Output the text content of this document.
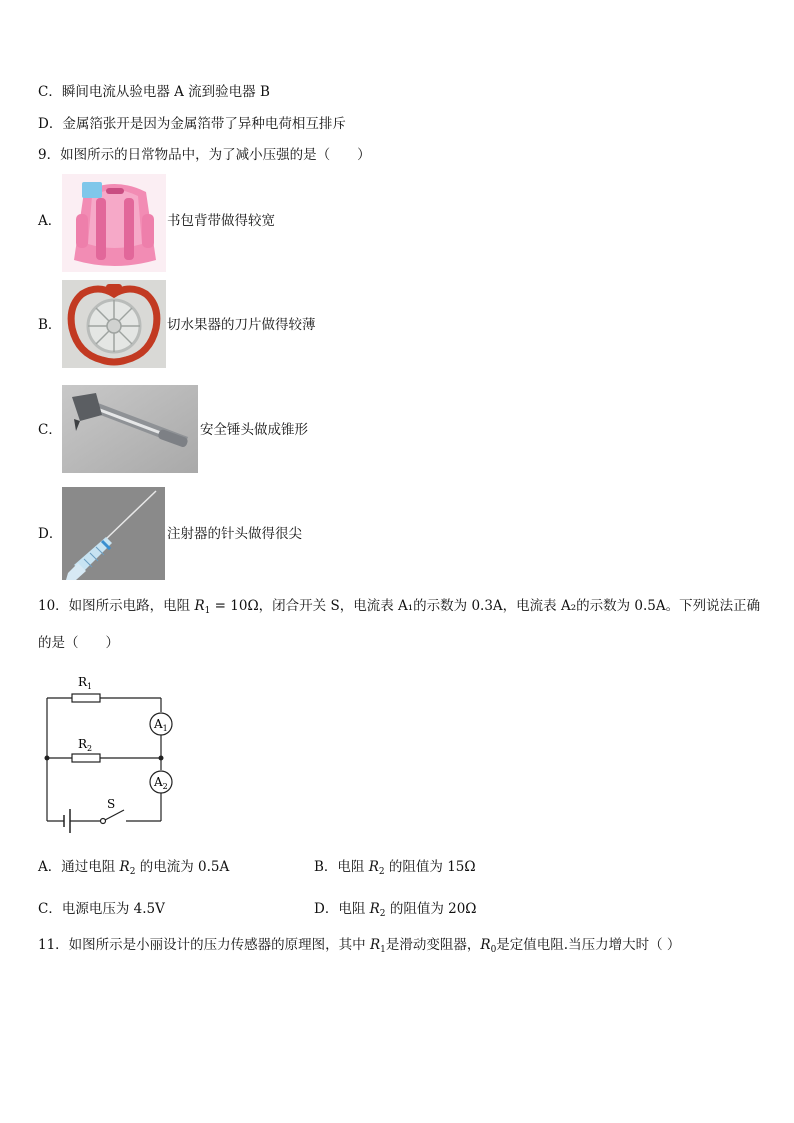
C．瞬间电流从验电器 A 流到验电器 B
D．金属箔张开是因为金属箔带了异种电荷相互排斥
9．如图所示的日常物品中，为了减小压强的是（　　）
A．	书包背带做得较宽
B．	切水果器的刀片做得较薄
C．	安全锤头做成锥形
D．	注射器的针头做得很尖
10．如图所示电路，电阻 $R_1 = 10\Omega$，闭合开关 S，电流表 A₁的示数为 0.3A，电流表 A₂的示数为 0.5A。下列说法正确
的是（　　）
$R_1$
$R_2$
$A_1$
$A_2$
S
A．通过电阻 $R_2$ 的电流为 0.5A	B．电阻 $R_2$ 的阻值为 15Ω
C．电源电压为 4.5V	D．电阻 $R_2$ 的阻值为 20Ω
11．如图所示是小丽设计的压力传感器的原理图，其中 $R_1$是滑动变阻器，$R_0$是定值电阻.当压力增大时（ ）
